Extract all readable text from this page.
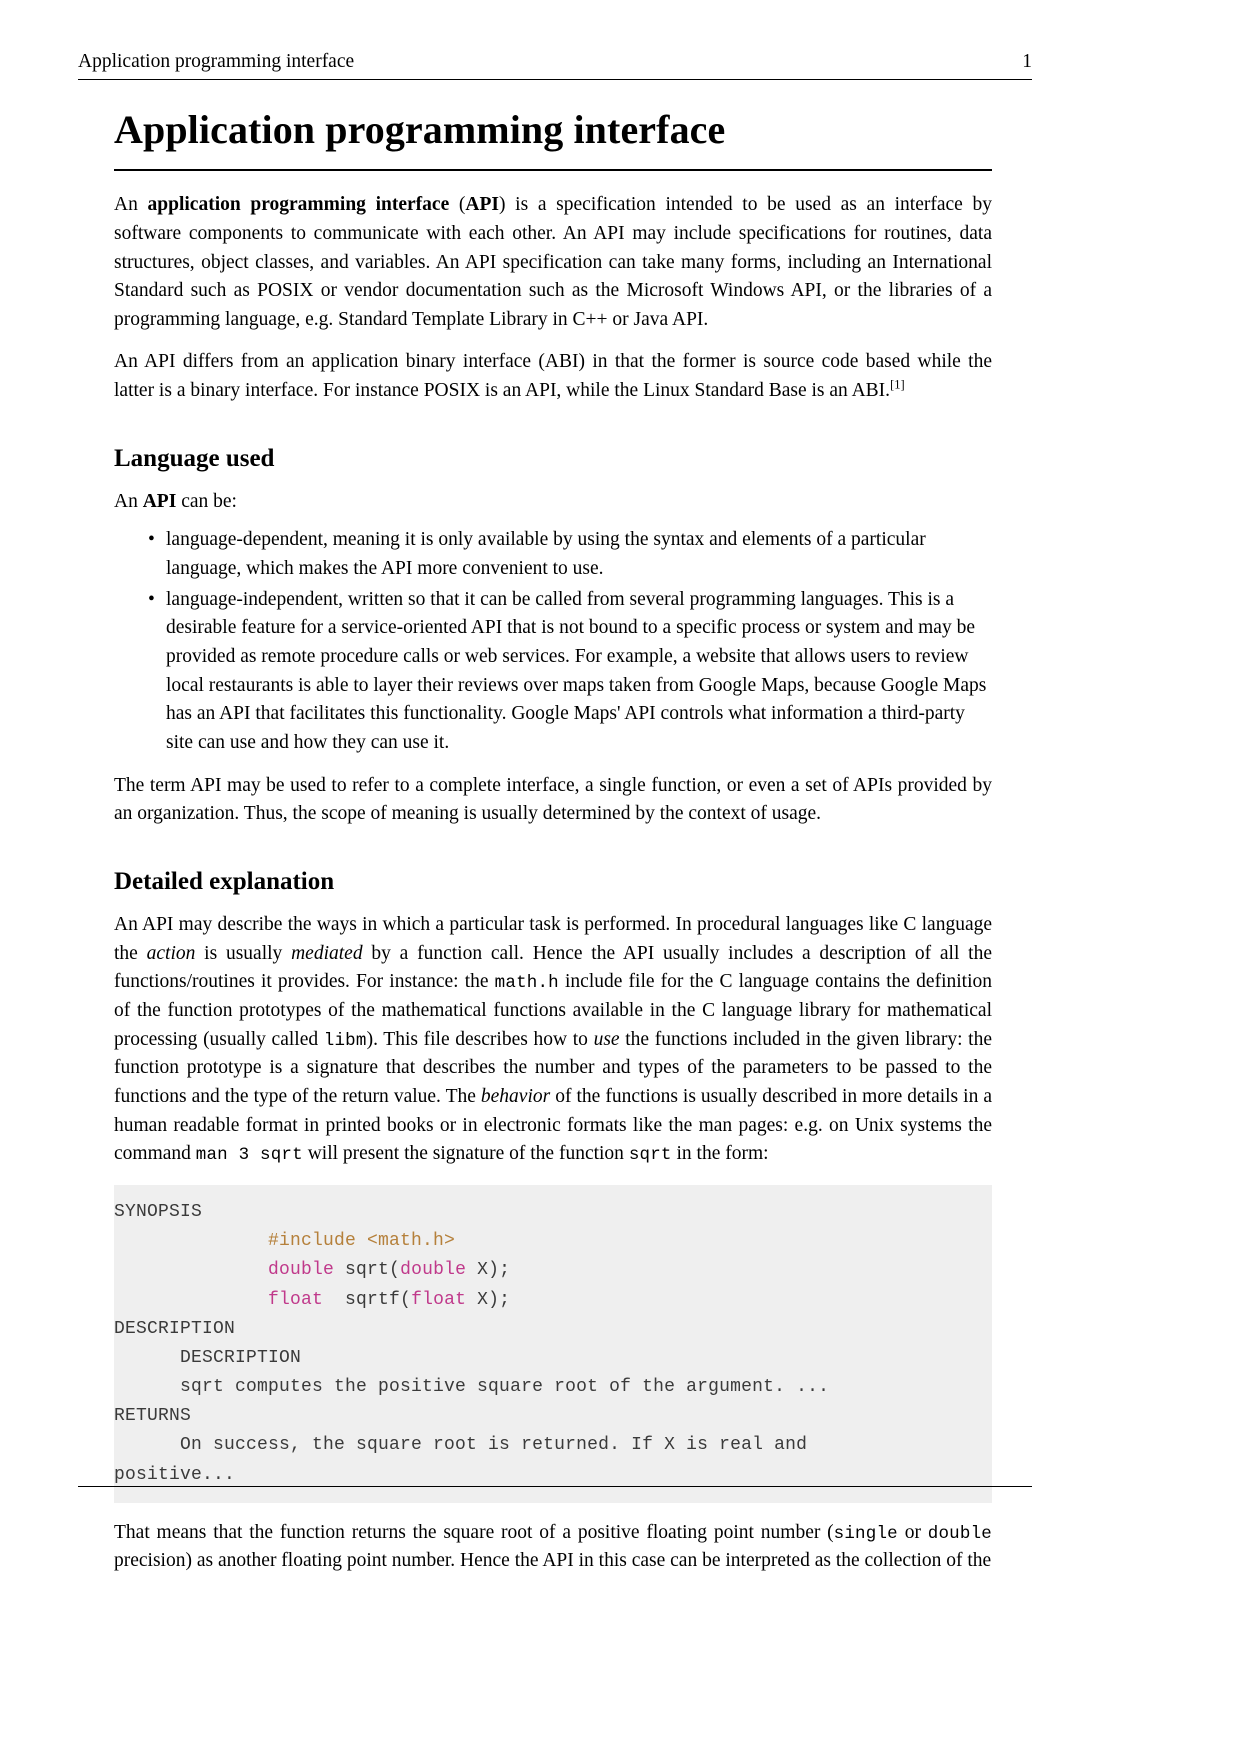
Application programming interface	1
Application programming interface

An application programming interface (API) is a specification intended to be used as an interface by software components to communicate with each other. An API may include specifications for routines, data structures, object classes, and variables. An API specification can take many forms, including an International Standard such as POSIX or vendor documentation such as the Microsoft Windows API, or the libraries of a programming language, e.g. Standard Template Library in C++ or Java API.

An API differs from an application binary interface (ABI) in that the former is source code based while the latter is a binary interface. For instance POSIX is an API, while the Linux Standard Base is an ABI.[1]

Language used

An API can be:

• language-dependent, meaning it is only available by using the syntax and elements of a particular language, which makes the API more convenient to use.
• language-independent, written so that it can be called from several programming languages. This is a desirable feature for a service-oriented API that is not bound to a specific process or system and may be provided as remote procedure calls or web services. For example, a website that allows users to review local restaurants is able to layer their reviews over maps taken from Google Maps, because Google Maps has an API that facilitates this functionality. Google Maps' API controls what information a third-party site can use and how they can use it.

The term API may be used to refer to a complete interface, a single function, or even a set of APIs provided by an organization. Thus, the scope of meaning is usually determined by the context of usage.

Detailed explanation

An API may describe the ways in which a particular task is performed. In procedural languages like C language the action is usually mediated by a function call. Hence the API usually includes a description of all the functions/routines it provides. For instance: the math.h include file for the C language contains the definition of the function prototypes of the mathematical functions available in the C language library for mathematical processing (usually called libm). This file describes how to use the functions included in the given library: the function prototype is a signature that describes the number and types of the parameters to be passed to the functions and the type of the return value. The behavior of the functions is usually described in more details in a human readable format in printed books or in electronic formats like the man pages: e.g. on Unix systems the command man 3 sqrt will present the signature of the function sqrt in the form:

SYNOPSIS
#include <math.h>
double sqrt(double X);
float  sqrtf(float X);
DESCRIPTION
DESCRIPTION
sqrt computes the positive square root of the argument. ...
RETURNS
On success, the square root is returned. If X is real and
positive...

That means that the function returns the square root of a positive floating point number (single or double precision) as another floating point number. Hence the API in this case can be interpreted as the collection of the
